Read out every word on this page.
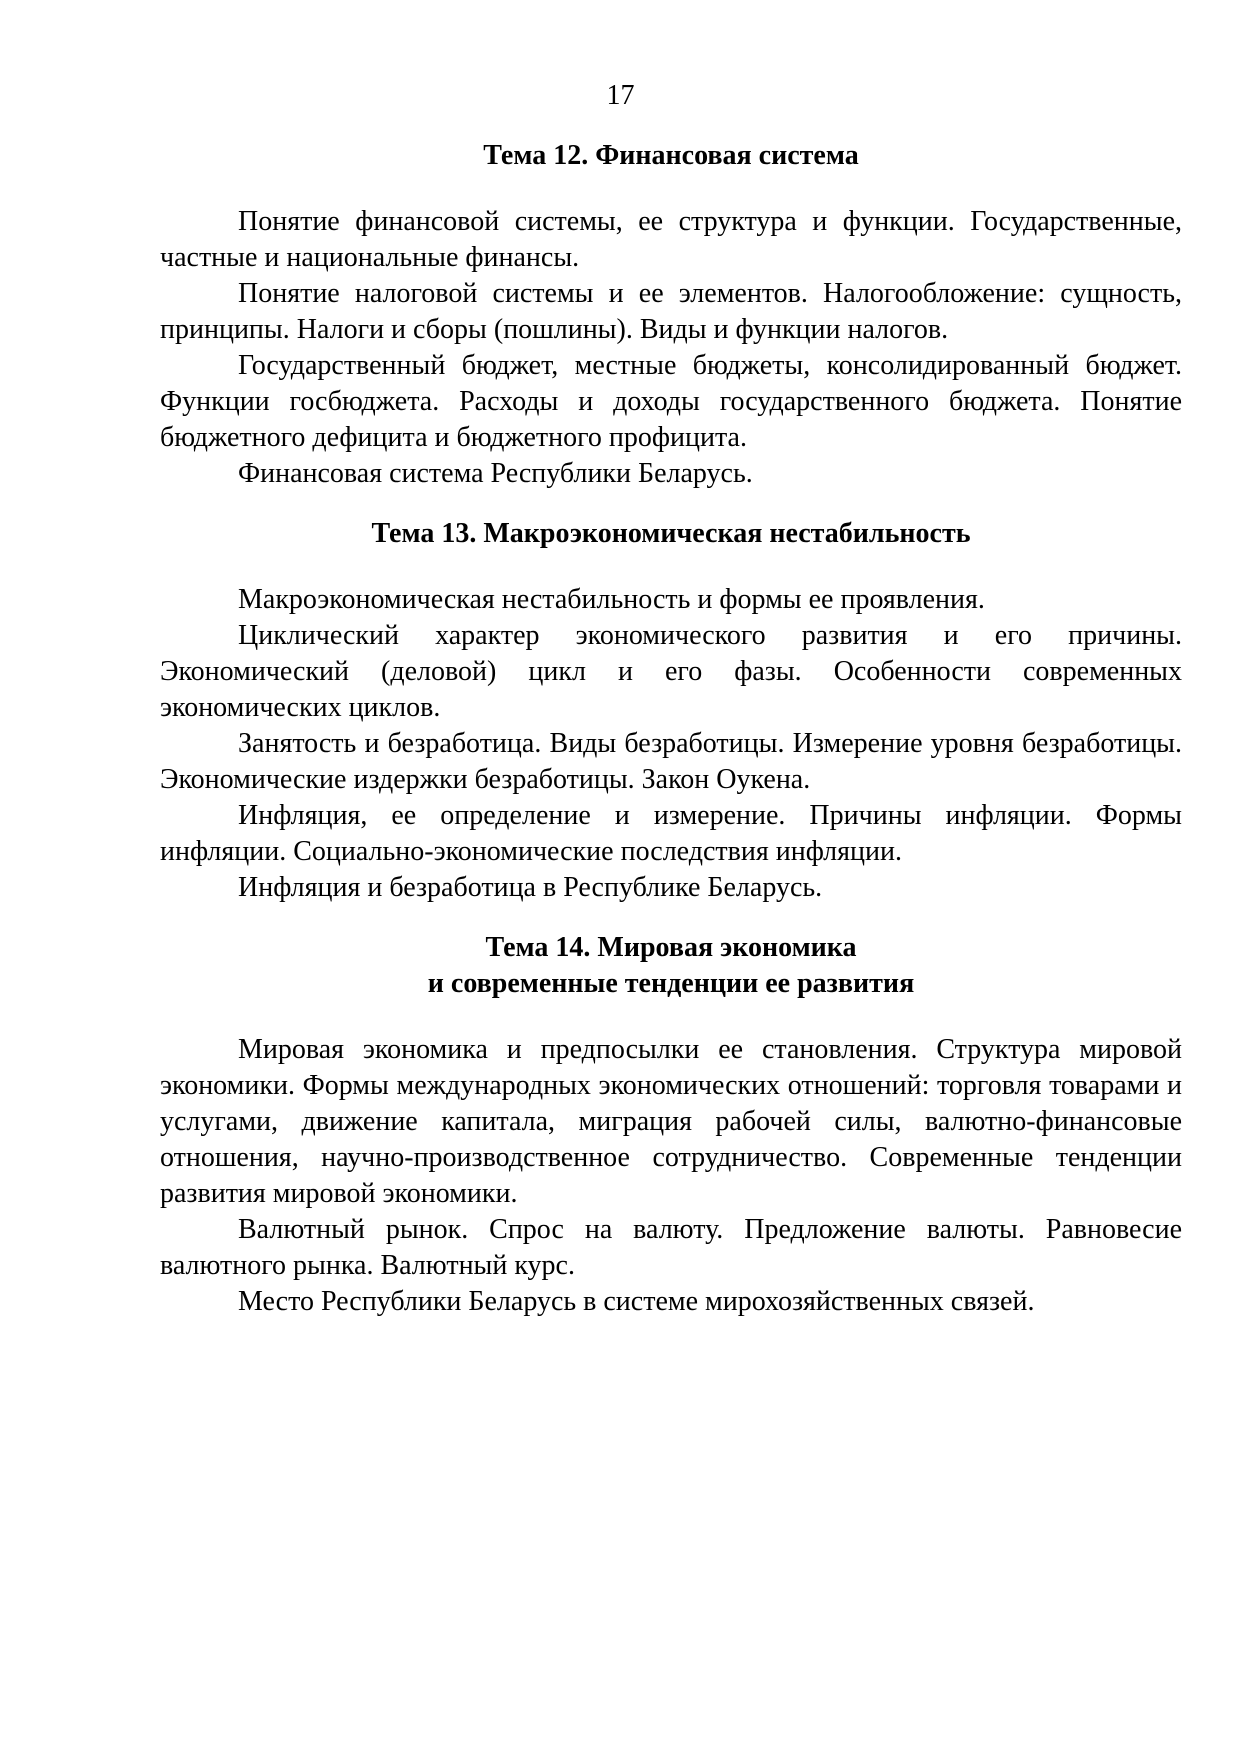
17
Тема 12. Финансовая система

Понятие финансовой системы, ее структура и функции. Государственные, частные и национальные финансы.

Понятие налоговой системы и ее элементов. Налогообложение: сущность, принципы. Налоги и сборы (пошлины). Виды и функции налогов.

Государственный бюджет, местные бюджеты, консолидированный бюджет. Функции госбюджета. Расходы и доходы государственного бюджета. Понятие бюджетного дефицита и бюджетного профицита.

Финансовая система Республики Беларусь.

Тема 13. Макроэкономическая нестабильность

Макроэкономическая нестабильность и формы ее проявления.

Циклический характер экономического развития и его причины. Экономический (деловой) цикл и его фазы. Особенности современных экономических циклов.

Занятость и безработица. Виды безработицы. Измерение уровня безработицы. Экономические издержки безработицы. Закон Оукена.

Инфляция, ее определение и измерение. Причины инфляции. Формы инфляции. Социально-экономические последствия инфляции.

Инфляция и безработица в Республике Беларусь.

Тема 14. Мировая экономика
и современные тенденции ее развития

Мировая экономика и предпосылки ее становления. Структура мировой экономики. Формы международных экономических отношений: торговля товарами и услугами, движение капитала, миграция рабочей силы, валютно-финансовые отношения, научно-производственное сотрудничество. Современные тенденции развития мировой экономики.

Валютный рынок. Спрос на валюту. Предложение валюты. Равновесие валютного рынка. Валютный курс.

Место Республики Беларусь в системе мирохозяйственных связей.
